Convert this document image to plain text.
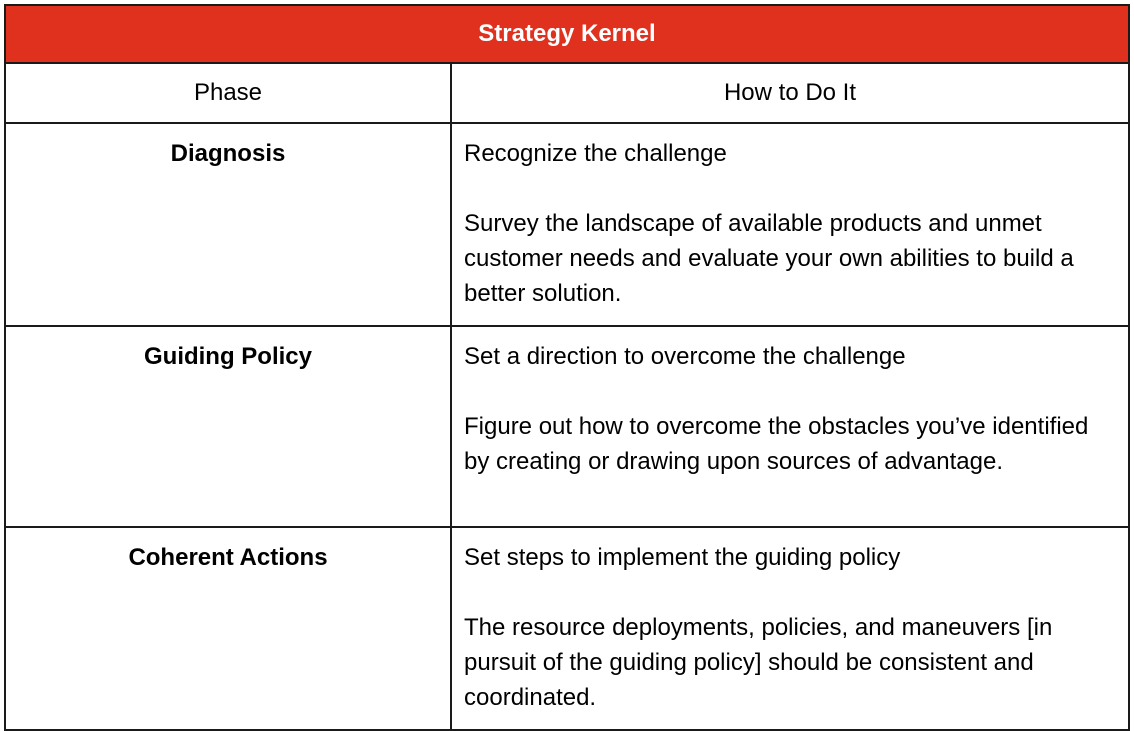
Strategy Kernel	
Phase	How to Do It
Diagnosis	Recognize the challenge
Survey the landscape of available products and unmet customer needs and evaluate your own abilities to build a better solution.

Guiding Policy	Set a direction to overcome the challenge
Figure out how to overcome the obstacles you’ve identified by creating or drawing upon sources of advantage.

Coherent Actions	Set steps to implement the guiding policy
The resource deployments, policies, and maneuvers [in pursuit of the guiding policy] should be consistent and coordinated.
